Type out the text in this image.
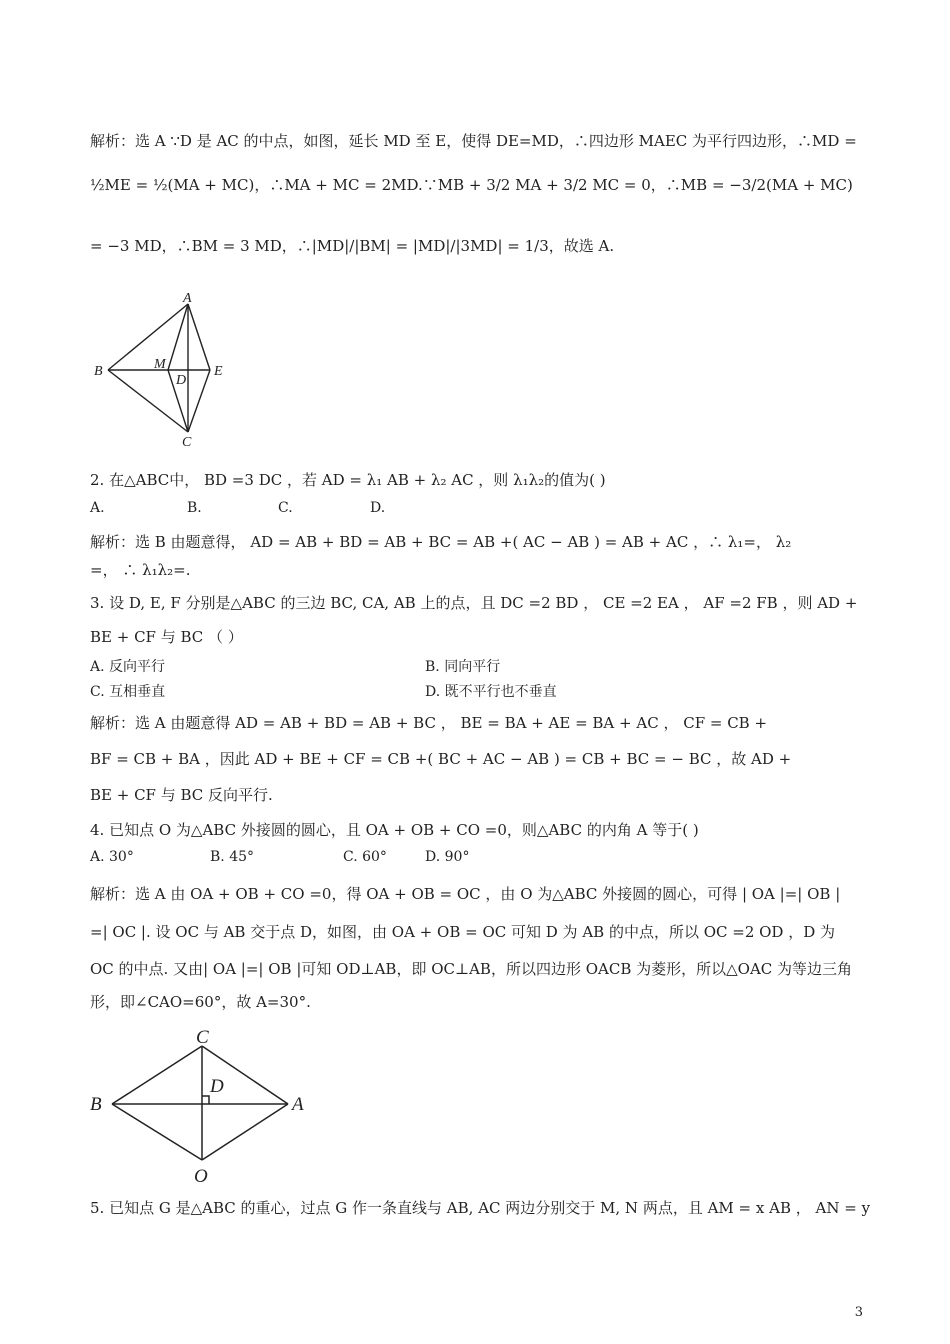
解析：选 A ∵D 是 AC 的中点，如图，延长 MD 至 E，使得 DE=MD，∴四边形 MAEC 为平行四边形，∴MD =
½ME = ½(MA + MC)，∴MA + MC = 2MD.∵MB + 3/2 MA + 3/2 MC = 0，∴MB = −3/2(MA + MC)
= −3 MD，∴BM = 3 MD，∴|MD|/|BM| = |MD|/|3MD| = 1/3，故选 A.
A
B
C
D
E
M
2. 在△ABC中， BD =3 DC ，若 AD = λ₁ AB + λ₂ AC ，则 λ₁λ₂的值为( )
A.	B.	C.	D.
解析：选 B 由题意得， AD = AB + BD = AB + BC = AB +( AC − AB ) = AB + AC ，∴ λ₁=， λ₂
=， ∴ λ₁λ₂=.
3. 设 D, E, F 分别是△ABC 的三边 BC, CA, AB 上的点，且 DC =2 BD ， CE =2 EA ， AF =2 FB ，则 AD +
BE + CF 与 BC （ ）
A. 反向平行	B. 同向平行
C. 互相垂直	D. 既不平行也不垂直
解析：选 A 由题意得 AD = AB + BD = AB + BC ， BE = BA + AE = BA + AC ， CF = CB +
BF = CB + BA ，因此 AD + BE + CF = CB +( BC + AC − AB ) = CB + BC = − BC ，故 AD +
BE + CF 与 BC 反向平行.
4. 已知点 O 为△ABC 外接圆的圆心，且 OA + OB + CO =0，则△ABC 的内角 A 等于( )
A. 30°	B. 45°	C. 60°	D. 90°
解析：选 A 由 OA + OB + CO =0，得 OA + OB = OC ，由 O 为△ABC 外接圆的圆心，可得 | OA |=| OB |
=| OC |. 设 OC 与 AB 交于点 D，如图，由 OA + OB = OC 可知 D 为 AB 的中点，所以 OC =2 OD ，D 为
OC 的中点. 又由| OA |=| OB |可知 OD⊥AB，即 OC⊥AB，所以四边形 OACB 为菱形，所以△OAC 为等边三角
形，即∠CAO=60°，故 A=30°.
C
B	A
D
O
5. 已知点 G 是△ABC 的重心，过点 G 作一条直线与 AB, AC 两边分别交于 M, N 两点，且 AM = x AB ， AN = y
3
